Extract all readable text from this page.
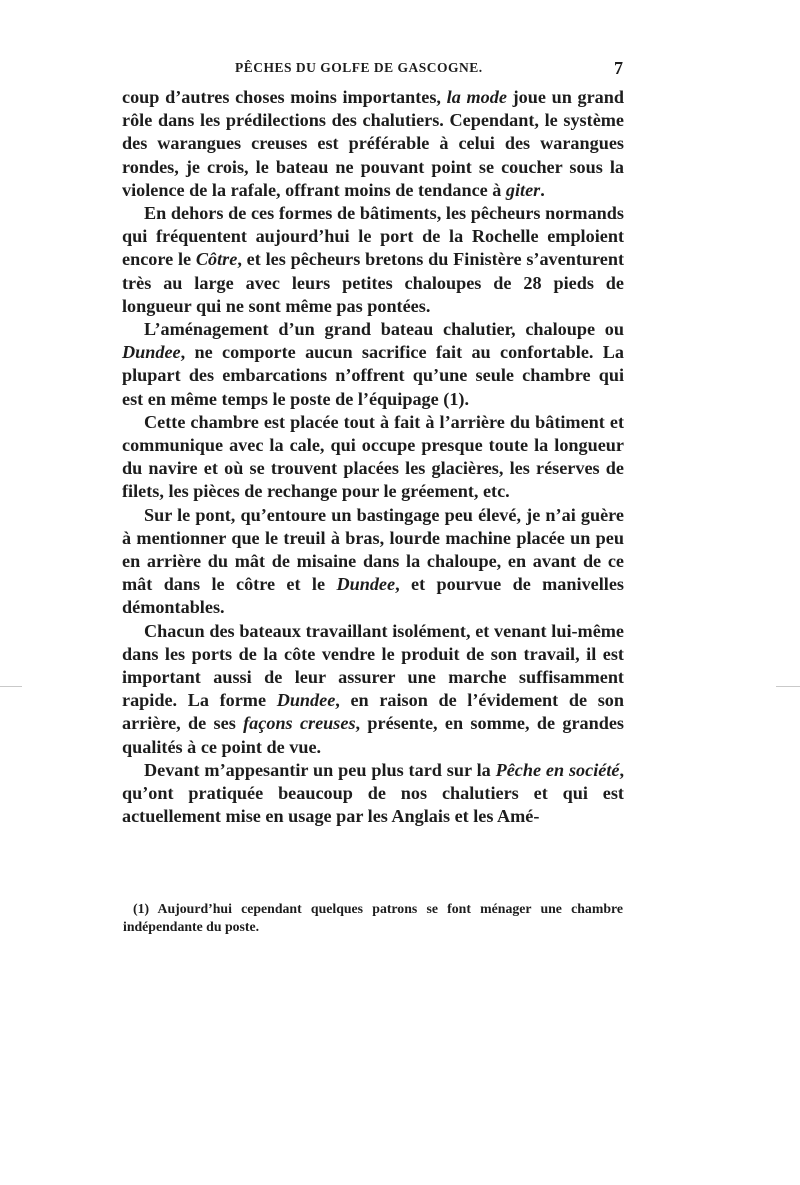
PÊCHES DU GOLFE DE GASCOGNE.	7

coup d’autres choses moins importantes, la mode joue un grand rôle dans les prédilections des chalutiers. Cependant, le système des warangues creuses est préférable à celui des warangues rondes, je crois, le bateau ne pouvant point se coucher sous la violence de la rafale, offrant moins de tendance à giter.

En dehors de ces formes de bâtiments, les pêcheurs normands qui fréquentent aujourd’hui le port de la Rochelle emploient encore le Côtre, et les pêcheurs bretons du Finistère s’aventurent très au large avec leurs petites chaloupes de 28 pieds de longueur qui ne sont même pas pontées.

L’aménagement d’un grand bateau chalutier, chaloupe ou Dundee, ne comporte aucun sacrifice fait au confortable. La plupart des embarcations n’offrent qu’une seule chambre qui est en même temps le poste de l’équipage (1).

Cette chambre est placée tout à fait à l’arrière du bâtiment et communique avec la cale, qui occupe presque toute la longueur du navire et où se trouvent placées les glacières, les réserves de filets, les pièces de rechange pour le gréement, etc.

Sur le pont, qu’entoure un bastingage peu élevé, je n’ai guère à mentionner que le treuil à bras, lourde machine placée un peu en arrière du mât de misaine dans la chaloupe, en avant de ce mât dans le côtre et le Dundee, et pourvue de manivelles démontables.

Chacun des bateaux travaillant isolément, et venant lui-même dans les ports de la côte vendre le produit de son travail, il est important aussi de leur assurer une marche suffisamment rapide. La forme Dundee, en raison de l’évidement de son arrière, de ses façons creuses, présente, en somme, de grandes qualités à ce point de vue.

Devant m’appesantir un peu plus tard sur la Pêche en société, qu’ont pratiquée beaucoup de nos chalutiers et qui est actuellement mise en usage par les Anglais et les Amé-

(1) Aujourd’hui cependant quelques patrons se font ménager une chambre indépendante du poste.
